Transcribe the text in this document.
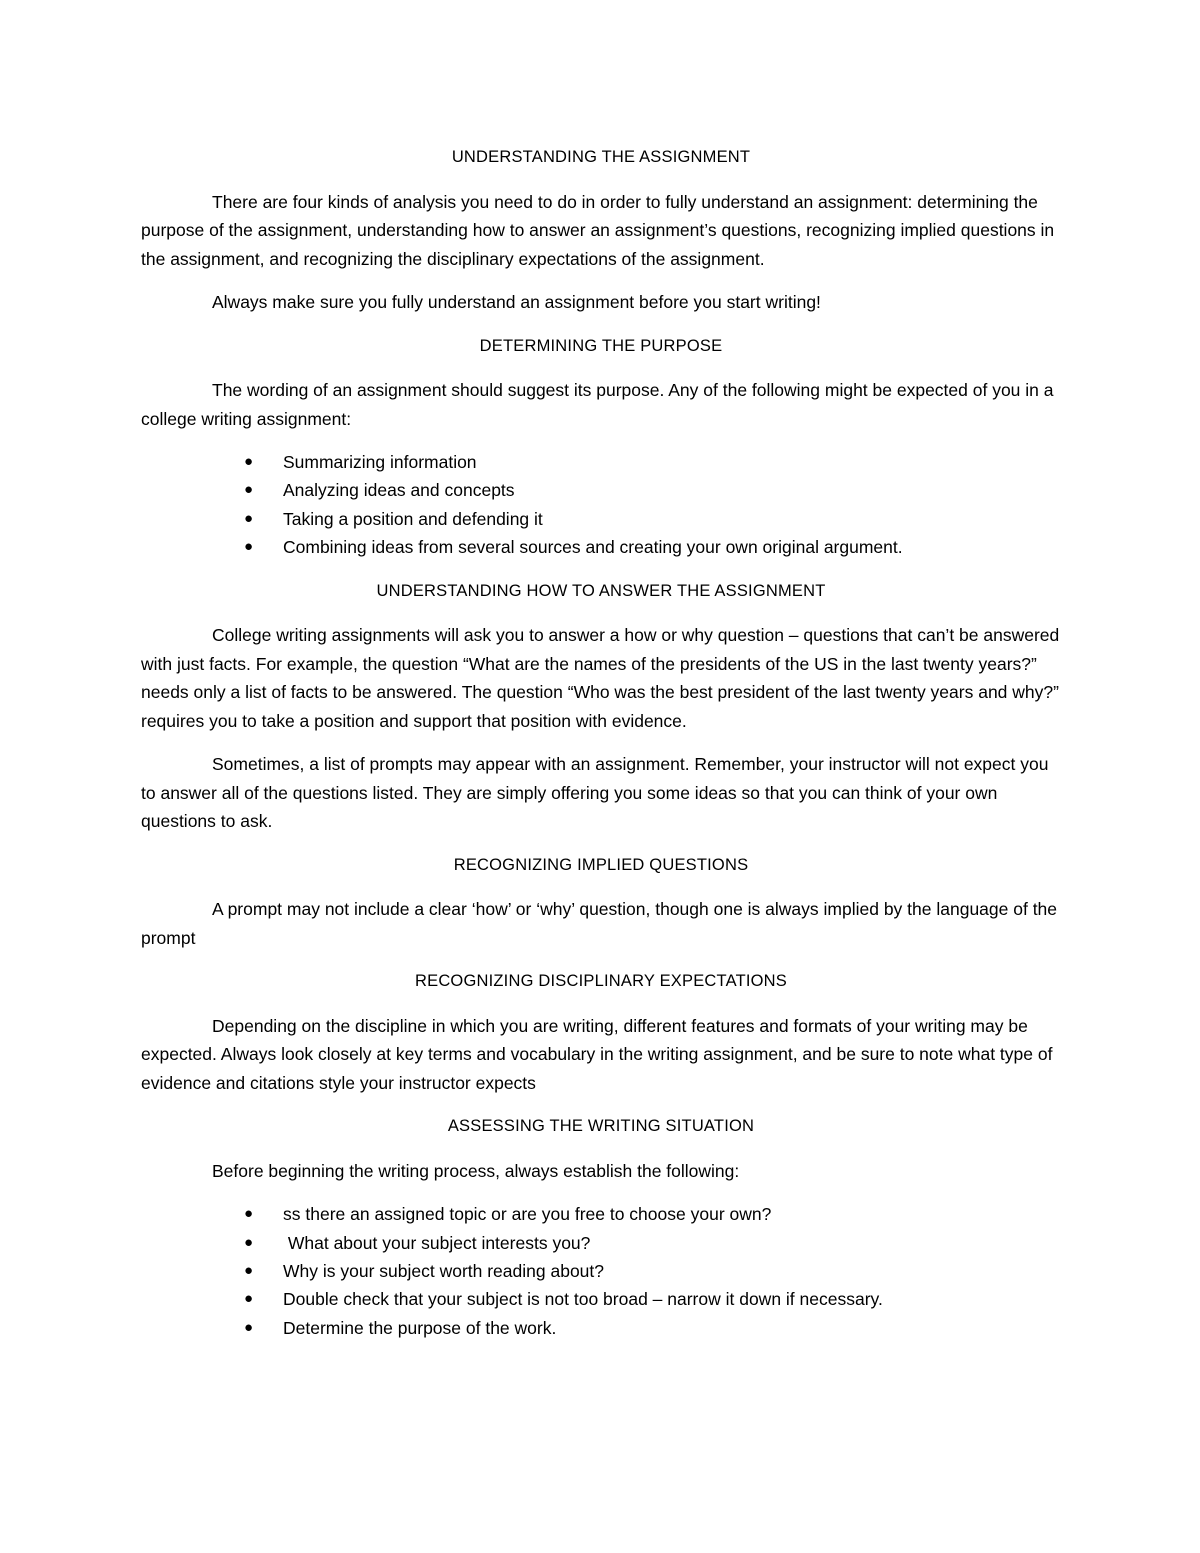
UNDERSTANDING THE ASSIGNMENT

There are four kinds of analysis you need to do in order to fully understand an assignment: determining the purpose of the assignment, understanding how to answer an assignment’s questions, recognizing implied questions in the assignment, and recognizing the disciplinary expectations of the assignment.

Always make sure you fully understand an assignment before you start writing!

DETERMINING THE PURPOSE

The wording of an assignment should suggest its purpose. Any of the following might be expected of you in a college writing assignment:

● Summarizing information
● Analyzing ideas and concepts
● Taking a position and defending it
● Combining ideas from several sources and creating your own original argument.

UNDERSTANDING HOW TO ANSWER THE ASSIGNMENT

College writing assignments will ask you to answer a how or why question – questions that can’t be answered with just facts. For example, the question “What are the names of the presidents of the US in the last twenty years?” needs only a list of facts to be answered. The question “Who was the best president of the last twenty years and why?” requires you to take a position and support that position with evidence.

Sometimes, a list of prompts may appear with an assignment. Remember, your instructor will not expect you to answer all of the questions listed. They are simply offering you some ideas so that you can think of your own questions to ask.

RECOGNIZING IMPLIED QUESTIONS

A prompt may not include a clear ‘how’ or ‘why’ question, though one is always implied by the language of the prompt

RECOGNIZING DISCIPLINARY EXPECTATIONS

Depending on the discipline in which you are writing, different features and formats of your writing may be expected. Always look closely at key terms and vocabulary in the writing assignment, and be sure to note what type of evidence and citations style your instructor expects

ASSESSING THE WRITING SITUATION

Before beginning the writing process, always establish the following:

● ss there an assigned topic or are you free to choose your own?
● What about your subject interests you?
● Why is your subject worth reading about?
● Double check that your subject is not too broad – narrow it down if necessary.
● Determine the purpose of the work.
